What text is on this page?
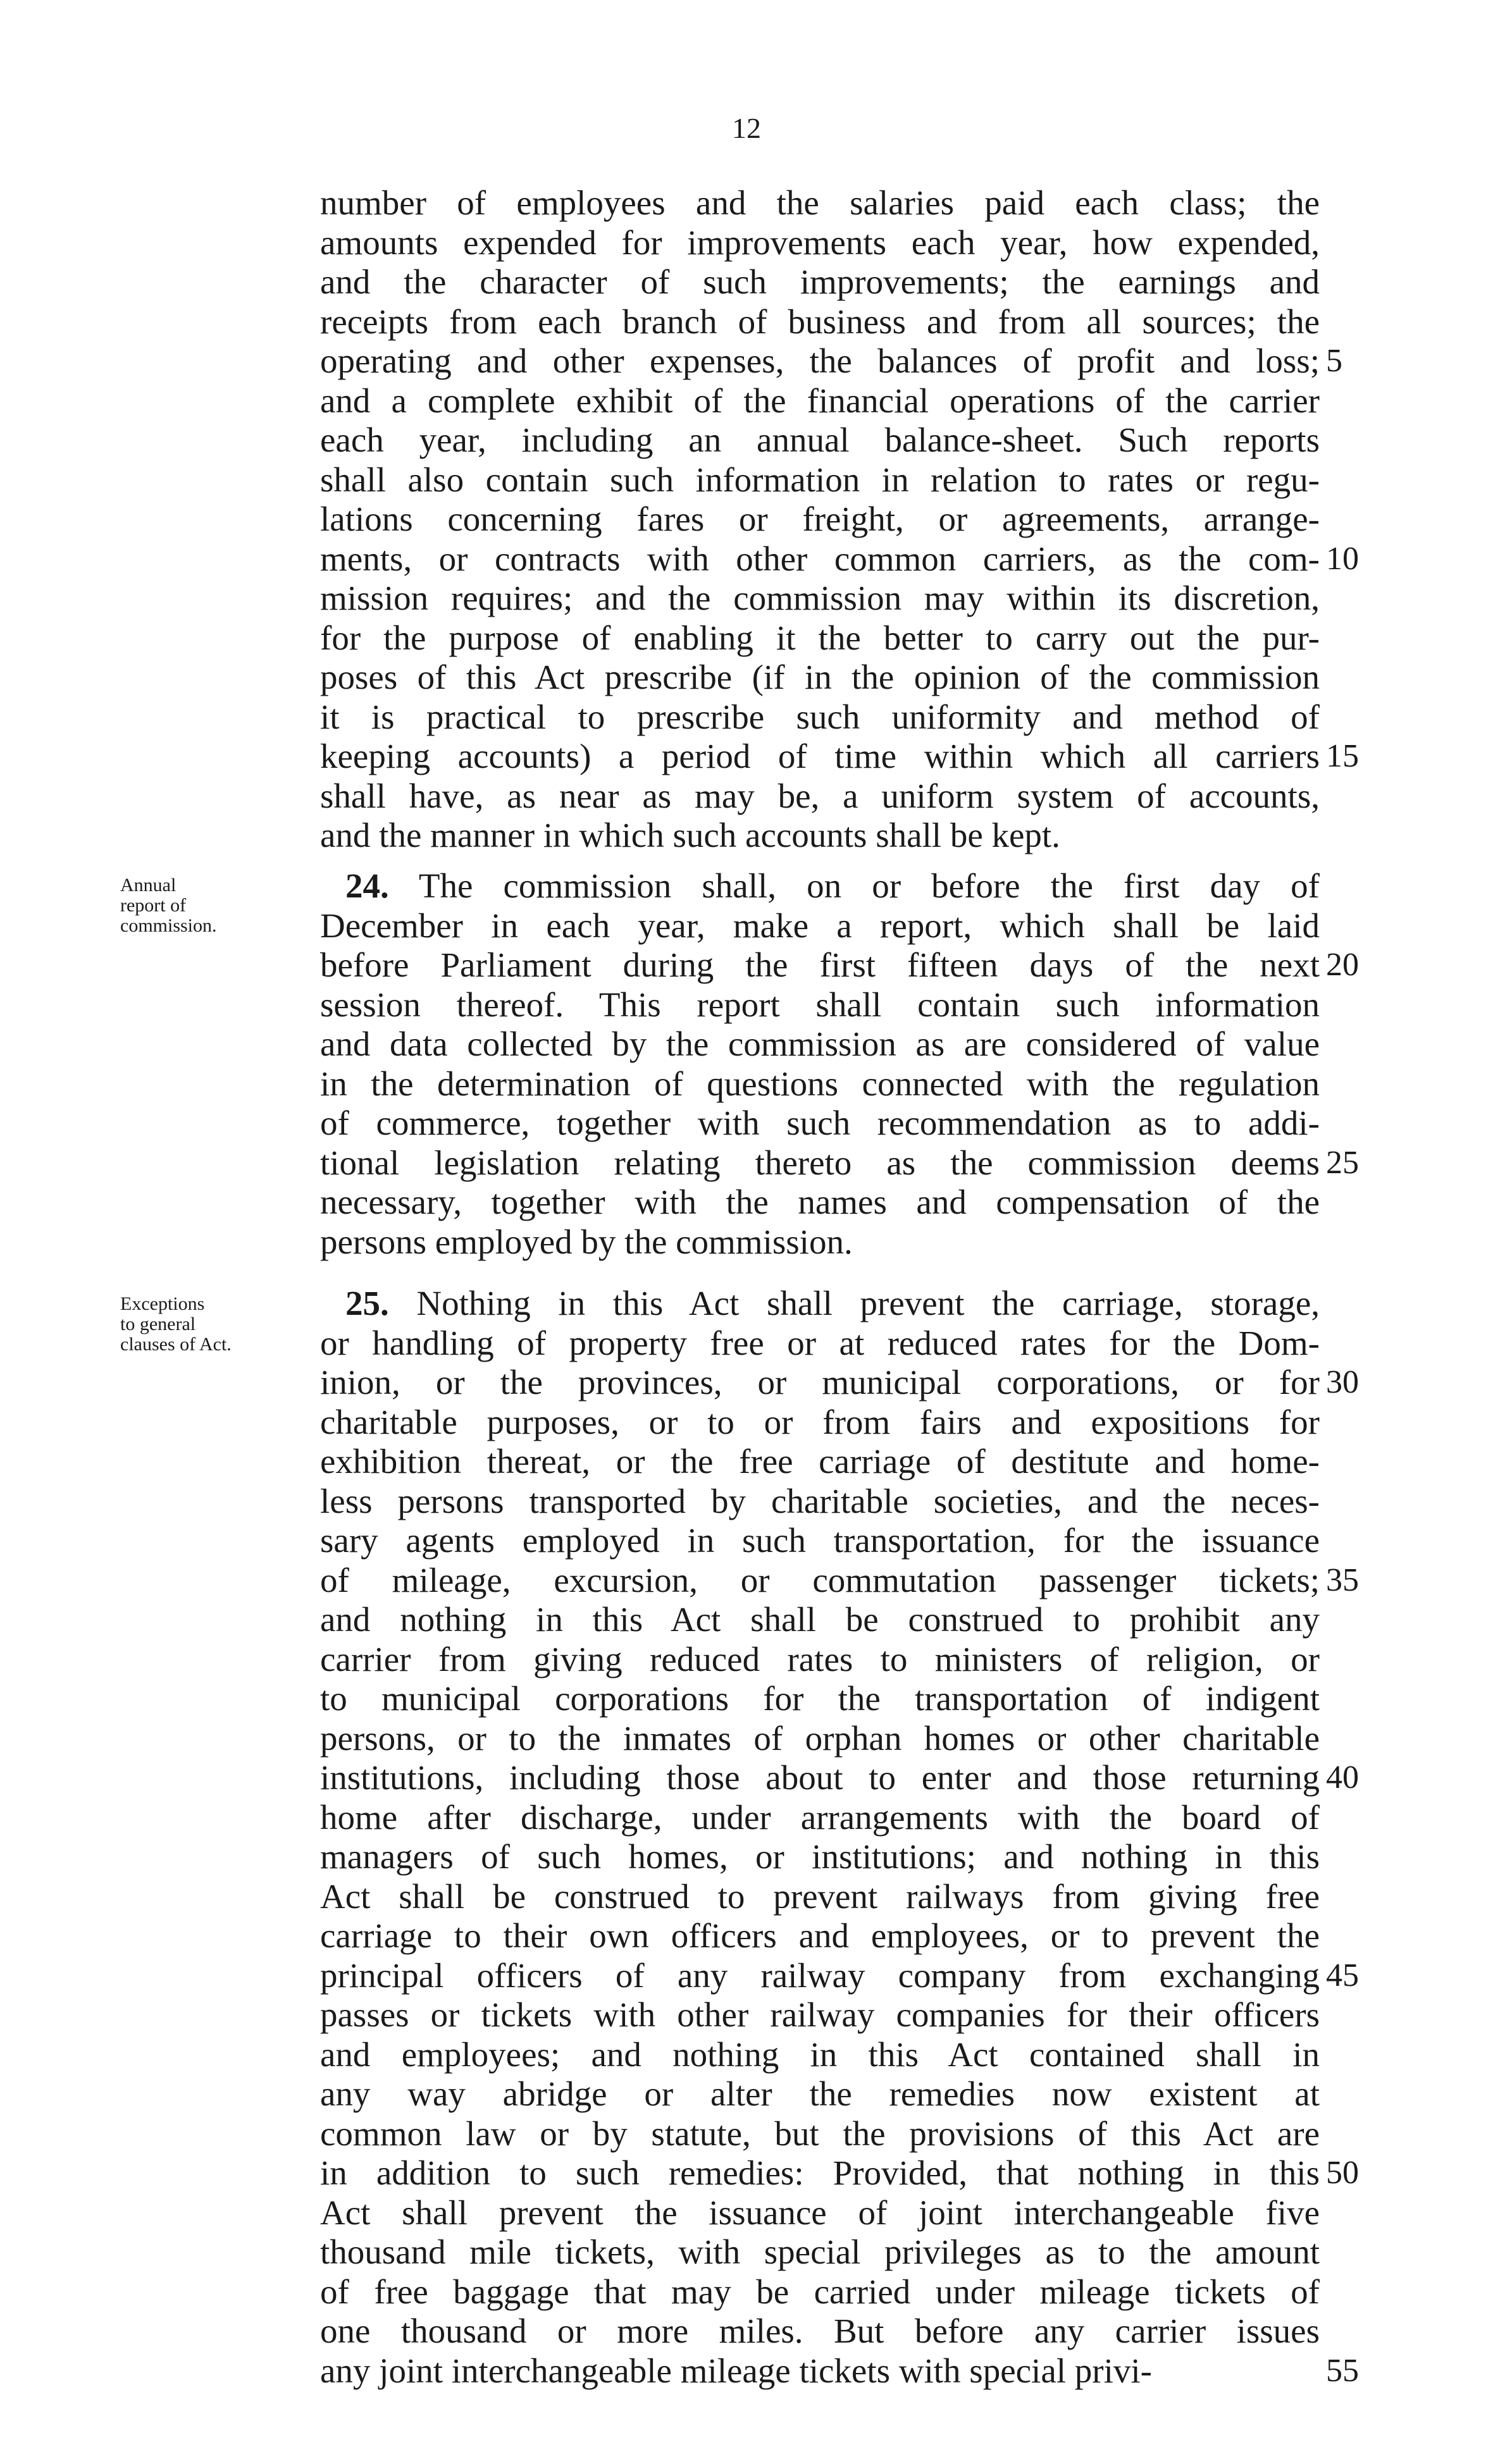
12
number of employees and the salaries paid each class; the
amounts expended for improvements each year, how expended,
and the character of such improvements; the earnings and
receipts from each branch of business and from all sources; the
operating and other expenses, the balances of profit and loss; 5
and a complete exhibit of the financial operations of the carrier
each year, including an annual balance-sheet. Such reports
shall also contain such information in relation to rates or regu-
lations concerning fares or freight, or agreements, arrange-
ments, or contracts with other common carriers, as the com- 10
mission requires; and the commission may within its discretion,
for the purpose of enabling it the better to carry out the pur-
poses of this Act prescribe (if in the opinion of the commission
it is practical to prescribe such uniformity and method of
keeping accounts) a period of time within which all carriers 15
shall have, as near as may be, a uniform system of accounts,
and the manner in which such accounts shall be kept.
24. The commission shall, on or before the first day of
December in each year, make a report, which shall be laid
before Parliament during the first fifteen days of the next 20
session thereof. This report shall contain such information
and data collected by the commission as are considered of value
in the determination of questions connected with the regulation
of commerce, together with such recommendation as to addi-
tional legislation relating thereto as the commission deems 25
necessary, together with the names and compensation of the
persons employed by the commission.
Annual
report of
commission.
25. Nothing in this Act shall prevent the carriage, storage,
or handling of property free or at reduced rates for the Dom-
inion, or the provinces, or municipal corporations, or for 30
charitable purposes, or to or from fairs and expositions for
exhibition thereat, or the free carriage of destitute and home-
less persons transported by charitable societies, and the neces-
sary agents employed in such transportation, for the issuance
of mileage, excursion, or commutation passenger tickets; 35
and nothing in this Act shall be construed to prohibit any
carrier from giving reduced rates to ministers of religion, or
to municipal corporations for the transportation of indigent
persons, or to the inmates of orphan homes or other charitable
institutions, including those about to enter and those returning 40
home after discharge, under arrangements with the board of
managers of such homes, or institutions; and nothing in this
Act shall be construed to prevent railways from giving free
carriage to their own officers and employees, or to prevent the
principal officers of any railway company from exchanging 45
passes or tickets with other railway companies for their officers
and employees; and nothing in this Act contained shall in
any way abridge or alter the remedies now existent at
common law or by statute, but the provisions of this Act are
in addition to such remedies: Provided, that nothing in this 50
Act shall prevent the issuance of joint interchangeable five
thousand mile tickets, with special privileges as to the amount
of free baggage that may be carried under mileage tickets of
one thousand or more miles. But before any carrier issues
any joint interchangeable mileage tickets with special privi-	55
Exceptions
to general
clauses of Act.
